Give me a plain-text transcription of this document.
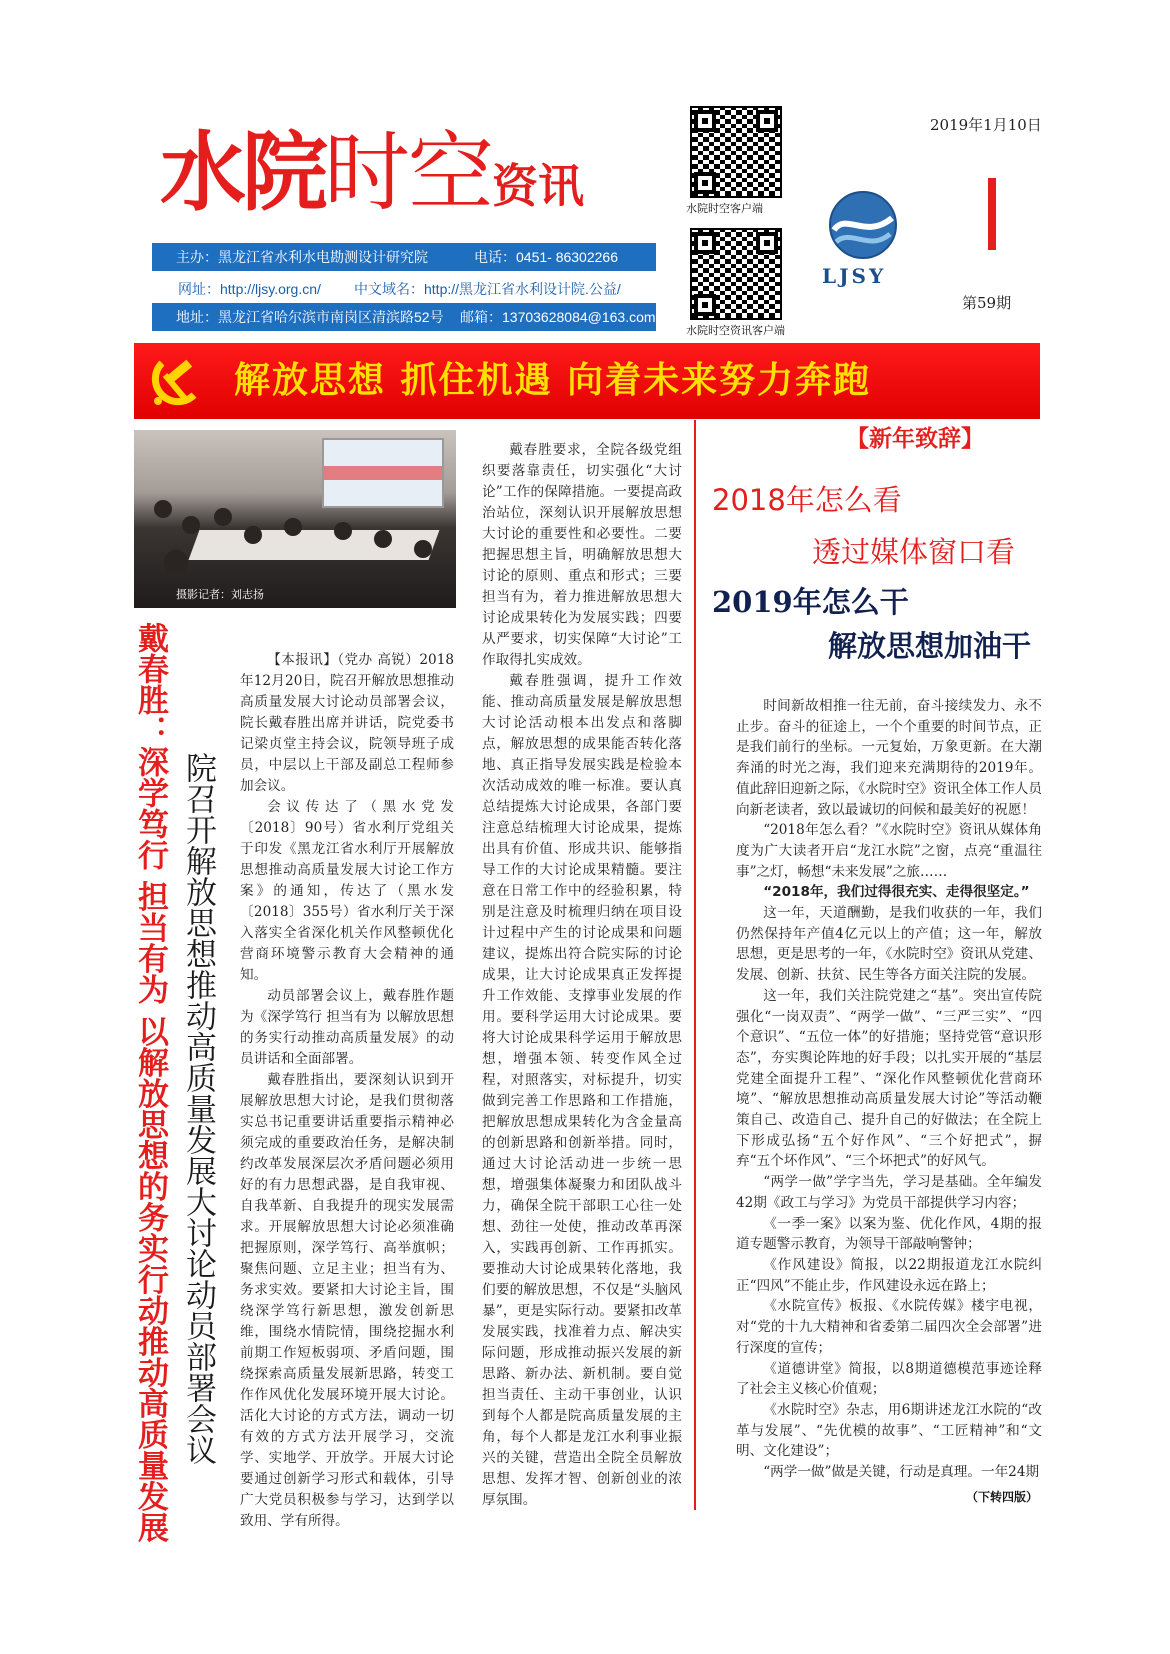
水院时空资讯
主办：黑龙江省水利水电勘测设计研究院	电话：0451- 86302266
网址：http://ljsy.org.cn/ 中文域名：http://黑龙江省水利设计院.公益/
地址：黑龙江省哈尔滨市南岗区清滨路52号 邮箱：13703628084@163.com
水院时空客户端
水院时空资讯客户端
LJSY
2019年1月10日
第59期
解放思想 抓住机遇 向着未来努力奔跑
摄影记者：刘志扬
戴春胜：深学笃行 担当有为 以解放思想的务实行动推动高质量发展 院召开解放思想推动高质量发展大讨论动员部署会议

【本报讯】（党办 高锐）2018年12月20日，院召开解放思想推动高质量发展大讨论动员部署会议，院长戴春胜出席并讲话，院党委书记梁贞堂主持会议，院领导班子成员，中层以上干部及副总工程师参加会议。

会议传达了（黑水党发〔2018〕90号）省水利厅党组关于印发《黑龙江省水利厅开展解放思想推动高质量发展大讨论工作方案》的通知，传达了（黑水发〔2018〕355号）省水利厅关于深入落实全省深化机关作风整顿优化营商环境警示教育大会精神的通知。

动员部署会议上，戴春胜作题为《深学笃行 担当有为 以解放思想的务实行动推动高质量发展》的动员讲话和全面部署。

戴春胜指出，要深刻认识到开展解放思想大讨论，是我们贯彻落实总书记重要讲话重要指示精神必须完成的重要政治任务，是解决制约改革发展深层次矛盾问题必须用好的有力思想武器，是自我审视、自我革新、自我提升的现实发展需求。开展解放思想大讨论必须准确把握原则，深学笃行、高举旗帜；聚焦问题、立足主业；担当有为、务求实效。要紧扣大讨论主旨，围绕深学笃行新思想，激发创新思维，围绕水情院情，围绕挖掘水利前期工作短板弱项、矛盾问题，围绕探索高质量发展新思路，转变工作作风优化发展环境开展大讨论。活化大讨论的方式方法，调动一切有效的方式方法开展学习，交流学、实地学、开放学。开展大讨论要通过创新学习形式和载体，引导广大党员积极参与学习，达到学以致用、学有所得。

戴春胜要求，全院各级党组织要落靠责任，切实强化“大讨论”工作的保障措施。一要提高政治站位，深刻认识开展解放思想大讨论的重要性和必要性。二要把握思想主旨，明确解放思想大讨论的原则、重点和形式；三要担当有为，着力推进解放思想大讨论成果转化为发展实践；四要从严要求，切实保障“大讨论”工作取得扎实成效。

戴春胜强调，提升工作效能、推动高质量发展是解放思想大讨论活动根本出发点和落脚点，解放思想的成果能否转化落地、真正指导发展实践是检验本次活动成效的唯一标准。要认真总结提炼大讨论成果，各部门要注意总结梳理大讨论成果，提炼出具有价值、形成共识、能够指导工作的大讨论成果精髓。要注意在日常工作中的经验积累，特别是注意及时梳理归纳在项目设计过程中产生的讨论成果和问题建议，提炼出符合院实际的讨论成果，让大讨论成果真正发挥提升工作效能、支撑事业发展的作用。要科学运用大讨论成果。要将大讨论成果科学运用于解放思想，增强本领、转变作风全过程，对照落实，对标提升，切实做到完善工作思路和工作措施，把解放思想成果转化为含金量高的创新思路和创新举措。同时，通过大讨论活动进一步统一思想，增强集体凝聚力和团队战斗力，确保全院干部职工心往一处想、劲往一处使，推动改革再深入，实践再创新、工作再抓实。要推动大讨论成果转化落地，我们要的解放思想，不仅是“头脑风暴”，更是实际行动。要紧扣改革发展实践，找准着力点、解决实际问题，形成推动振兴发展的新思路、新办法、新机制。要自觉担当责任、主动干事创业，认识到每个人都是院高质量发展的主角，每个人都是龙江水利事业振兴的关键，营造出全院全员解放思想、发挥才智、创新创业的浓厚氛围。

【新年致辞】
2018年怎么看
透过媒体窗口看
2019年怎么干
解放思想加油干

时间新故相推一往无前，奋斗接续发力、永不止步。奋斗的征途上，一个个重要的时间节点，正是我们前行的坐标。一元复始，万象更新。在大潮奔涌的时光之海，我们迎来充满期待的2019年。值此辞旧迎新之际，《水院时空》资讯全体工作人员向新老读者，致以最诚切的问候和最美好的祝愿！

“2018年怎么看？”《水院时空》资讯从媒体角度为广大读者开启“龙江水院”之窗，点亮“重温往事”之灯，畅想“未来发展”之旅……

“2018年，我们过得很充实、走得很坚定。”

这一年，天道酬勤，是我们收获的一年，我们仍然保持年产值4亿元以上的产值；这一年，解放思想，更是思考的一年，《水院时空》资讯从党建、发展、创新、扶贫、民生等各方面关注院的发展。

这一年，我们关注院党建之“基”。突出宣传院强化“一岗双责”、“两学一做”、“三严三实”、“四个意识”、“五位一体”的好措施；坚持党管“意识形态”，夯实舆论阵地的好手段；以扎实开展的“基层党建全面提升工程”、“深化作风整顿优化营商环境”、“解放思想推动高质量发展大讨论”等活动鞭策自己、改造自己、提升自己的好做法；在全院上下形成弘扬“五个好作风”、“三个好把式”，摒弃“五个坏作风”、“三个坏把式”的好风气。

“两学一做”学字当先，学习是基础。全年编发42期《政工与学习》为党员干部提供学习内容；

《一季一案》以案为鉴、优化作风，4期的报道专题警示教育，为领导干部敲响警钟；

《作风建设》简报，以22期报道龙江水院纠正“四风”不能止步，作风建设永远在路上；

《水院宣传》板报、《水院传媒》楼宇电视，对“党的十九大精神和省委第二届四次全会部署”进行深度的宣传；

《道德讲堂》简报，以8期道德模范事迹诠释了社会主义核心价值观；

《水院时空》杂志，用6期讲述龙江水院的“改革与发展”、“先优模的故事”、“工匠精神”和“文明、文化建设”；

“两学一做”做是关键，行动是真理。一年24期

（下转四版）
